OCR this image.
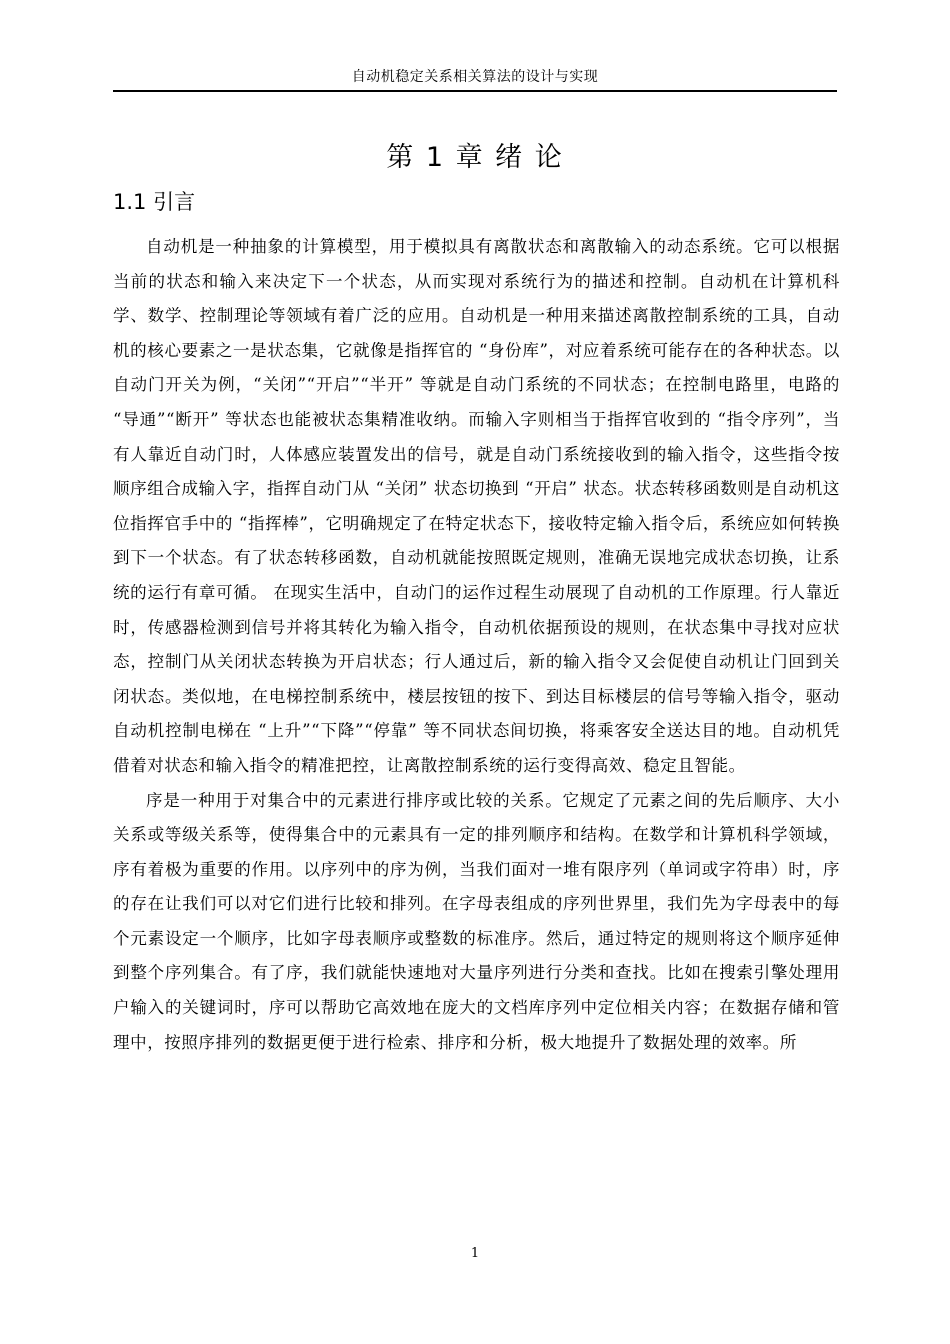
自动机稳定关系相关算法的设计与实现
第 1 章 绪 论
1.1 引言

自动机是一种抽象的计算模型，用于模拟具有离散状态和离散输入的动态系统。它可以根据当前的状态和输入来决定下一个状态，从而实现对系统行为的描述和控制。自动机在计算机科学、数学、控制理论等领域有着广泛的应用。自动机是一种用来描述离散控制系统的工具，自动机的核心要素之一是状态集，它就像是指挥官的 “身份库”，对应着系统可能存在的各种状态。以自动门开关为例，“关闭”“开启”“半开” 等就是自动门系统的不同状态；在控制电路里，电路的 “导通”“断开” 等状态也能被状态集精准收纳。而输入字则相当于指挥官收到的 “指令序列”，当有人靠近自动门时，人体感应装置发出的信号，就是自动门系统接收到的输入指令，这些指令按顺序组合成输入字，指挥自动门从 “关闭” 状态切换到 “开启” 状态。状态转移函数则是自动机这位指挥官手中的 “指挥棒”，它明确规定了在特定状态下，接收特定输入指令后，系统应如何转换到下一个状态。有了状态转移函数，自动机就能按照既定规则，准确无误地完成状态切换，让系统的运行有章可循。 在现实生活中，自动门的运作过程生动展现了自动机的工作原理。行人靠近时，传感器检测到信号并将其转化为输入指令，自动机依据预设的规则，在状态集中寻找对应状态，控制门从关闭状态转换为开启状态；行人通过后，新的输入指令又会促使自动机让门回到关闭状态。类似地，在电梯控制系统中，楼层按钮的按下、到达目标楼层的信号等输入指令，驱动自动机控制电梯在 “上升”“下降”“停靠” 等不同状态间切换，将乘客安全送达目的地。自动机凭借着对状态和输入指令的精准把控，让离散控制系统的运行变得高效、稳定且智能。

序是一种用于对集合中的元素进行排序或比较的关系。它规定了元素之间的先后顺序、大小关系或等级关系等，使得集合中的元素具有一定的排列顺序和结构。在数学和计算机科学领域，序有着极为重要的作用。以序列中的序为例，当我们面对一堆有限序列（单词或字符串）时，序的存在让我们可以对它们进行比较和排列。在字母表组成的序列世界里，我们先为字母表中的每个元素设定一个顺序，比如字母表顺序或整数的标准序。然后，通过特定的规则将这个顺序延伸到整个序列集合。有了序，我们就能快速地对大量序列进行分类和查找。比如在搜索引擎处理用户输入的关键词时，序可以帮助它高效地在庞大的文档库序列中定位相关内容；在数据存储和管理中，按照序排列的数据更便于进行检索、排序和分析，极大地提升了数据处理的效率。所

1
